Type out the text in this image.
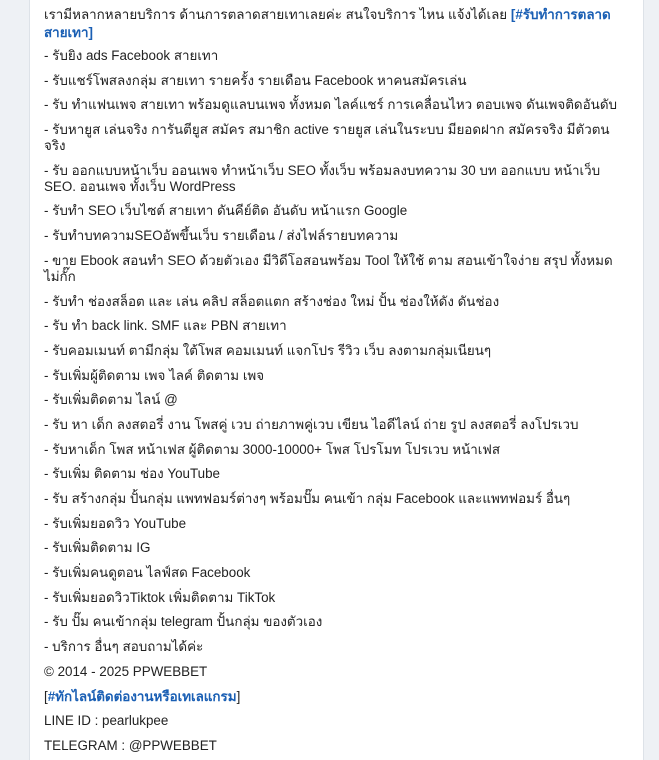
เรามีหลากหลายบริการ ด้านการตลาดสายเทาเลยค่ะ สนใจบริการ ไหน แจ้งได้เลย [#รับทำการตลาดสายเทา]

- รับยิง ads Facebook สายเทา
- รับแชร์โพสลงกลุ่ม สายเทา รายครั้ง รายเดือน Facebook หาคนสมัครเล่น
- รับ ทำแฟนเพจ สายเทา พร้อมดูแลบนเพจ ทั้งหมด ไลค์แชร์ การเคลื่อนไหว ตอบเพจ ดันเพจติดอันดับ
- รับหายูส เล่นจริง การันตียูส สมัคร สมาชิก active รายยูส เล่นในระบบ มียอดฝาก สมัครจริง มีตัวตนจริง
- รับ ออกแบบหน้าเว็บ ออนเพจ ทำหน้าเว็บ SEO ทั้งเว็บ พร้อมลงบทความ 30 บท ออกแบบ หน้าเว็บ SEO. ออนเพจ ทั้งเว็บ WordPress
- รับทำ SEO เว็บไซต์ สายเทา ดันคีย์ติด อันดับ หน้าแรก Google
- รับทำบทความSEOอัพขึ้นเว็บ รายเดือน / ส่งไฟล์รายบทความ
- ขาย Ebook สอนทำ SEO ด้วยตัวเอง มีวิดีโอสอนพร้อม Tool ให้ใช้ ตาม สอนเข้าใจง่าย สรุป ทั้งหมด ไม่กั๊ก
- รับทำ ช่องสล็อต และ เล่น คลิป สล็อตแตก สร้างช่อง ใหม่ ปั้น ช่องให้ดัง ดันช่อง
- รับ ทำ back link. SMF และ PBN สายเทา
- รับคอมเมนท์ ตามีกลุ่ม ใต้โพส คอมเมนท์ แจกโปร รีวิว เว็บ ลงตามกลุ่มเนียนๆ
- รับเพิ่มผู้ติดตาม เพจ ไลค์ ติดตาม เพจ
- รับเพิ่มติดตาม ไลน์ @
- รับ หา เด็ก ลงสตอรี่ งาน โพสคู่ เวบ ถ่ายภาพคู่เวบ เขียน ไอดีไลน์ ถ่าย รูป ลงสตอรี่ ลงโปรเวบ
- รับหาเด็ก โพส หน้าเฟส ผู้ติดตาม 3000-10000+ โพส โปรโมท โปรเวบ หน้าเฟส
- รับเพิ่ม ติดตาม ช่อง YouTube
- รับ สร้างกลุ่ม ปั้นกลุ่ม แพทฟอมร์ต่างๆ พร้อมปั๊ม คนเข้า กลุ่ม Facebook และแพทฟอมร์ อื่นๆ
- รับเพิ่มยอดวิว YouTube
- รับเพิ่มติดตาม IG
- รับเพิ่มคนดูตอน ไลฟ์สด Facebook
- รับเพิ่มยอดวิวTiktok เพิ่มติดตาม TikTok
- รับ ปั๊ม คนเข้ากลุ่ม telegram ปั้นกลุ่ม ของตัวเอง
- บริการ อื่นๆ สอบถามได้ค่ะ
© 2014 - 2025 PPWEBBET
[#ทักไลน์ติดต่องานหรือเทเลแกรม]
LINE ID : pearlukpee
TELEGRAM : @PPWEBBET
